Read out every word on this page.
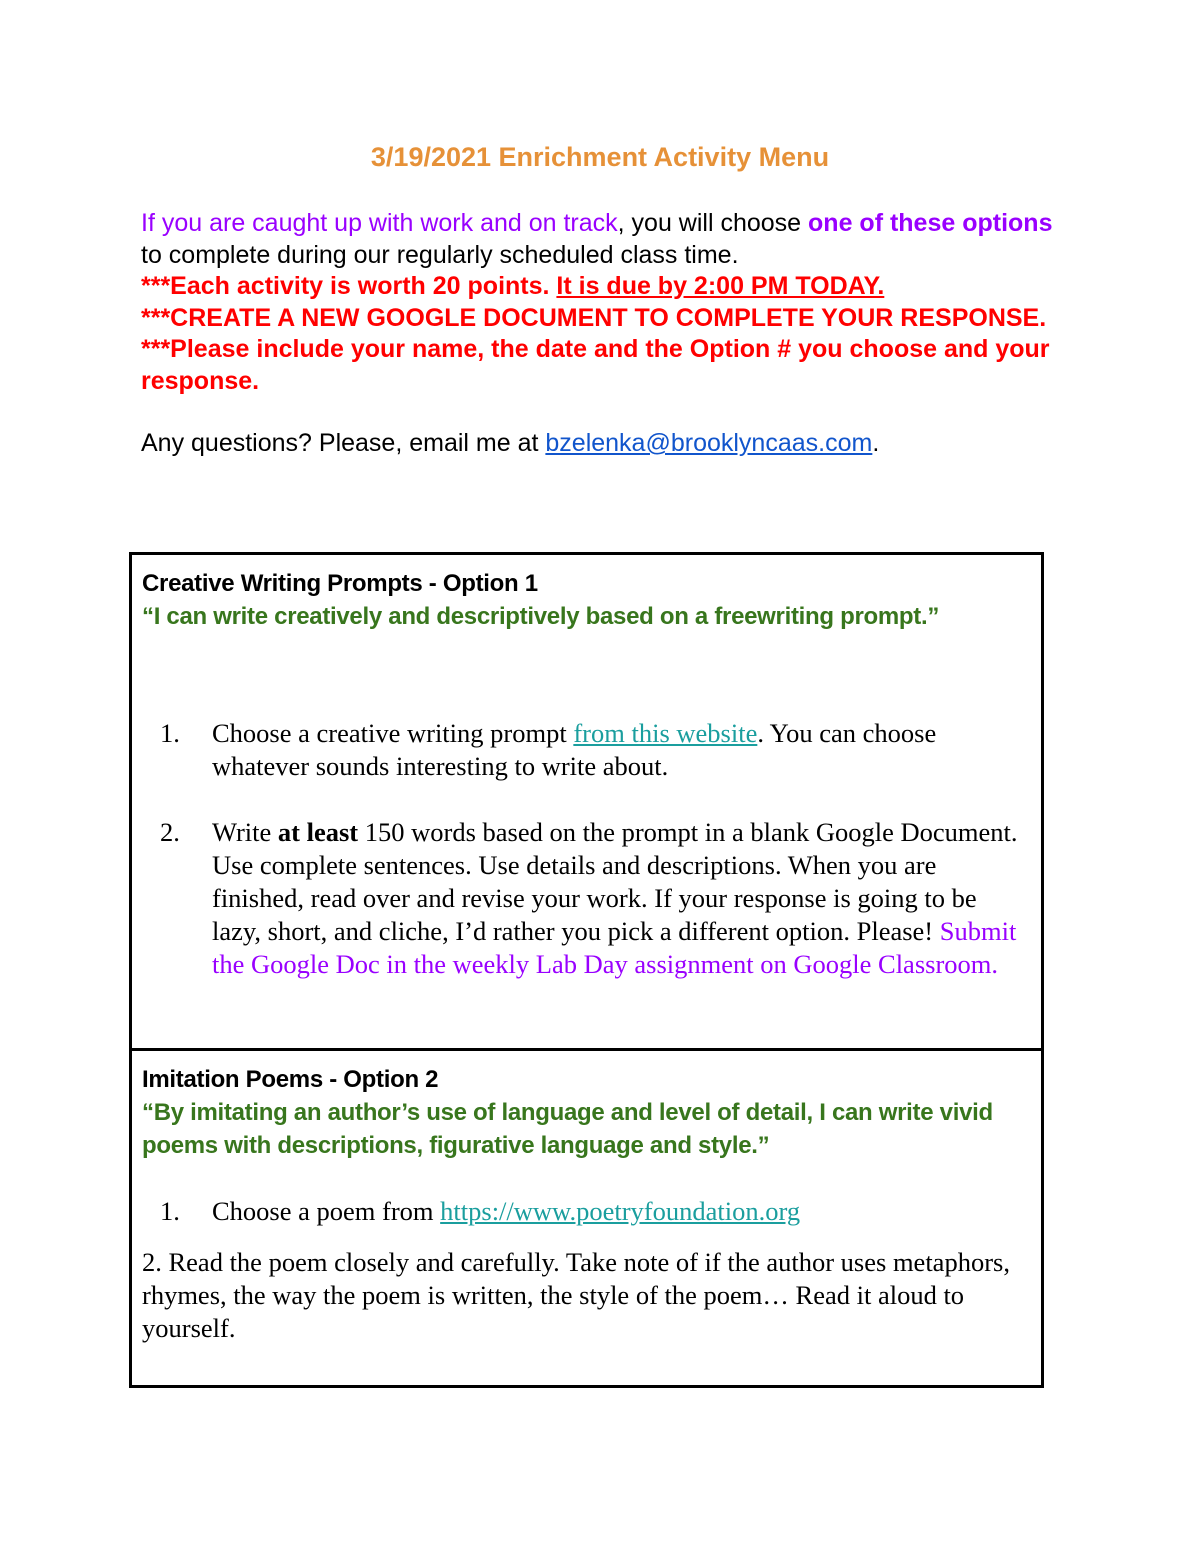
3/19/2021 Enrichment Activity Menu

If you are caught up with work and on track, you will choose one of these options to complete during our regularly scheduled class time.

***Each activity is worth 20 points. It is due by 2:00 PM TODAY.

***CREATE A NEW GOOGLE DOCUMENT TO COMPLETE YOUR RESPONSE.

***Please include your name, the date and the Option # you choose and your response.

Any questions? Please, email me at bzelenka@brooklyncaas.com.

Creative Writing Prompts - Option 1

“I can write creatively and descriptively based on a freewriting prompt.”

1. Choose a creative writing prompt from this website. You can choose whatever sounds interesting to write about.
2. Write at least 150 words based on the prompt in a blank Google Document. Use complete sentences. Use details and descriptions. When you are finished, read over and revise your work. If your response is going to be lazy, short, and cliche, I’d rather you pick a different option. Please! Submit the Google Doc in the weekly Lab Day assignment on Google Classroom.

Imitation Poems - Option 2

“By imitating an author’s use of language and level of detail, I can write vivid poems with descriptions, figurative language and style.”

1. Choose a poem from https://www.poetryfoundation.org

2. Read the poem closely and carefully. Take note of if the author uses metaphors, rhymes, the way the poem is written, the style of the poem… Read it aloud to yourself.
